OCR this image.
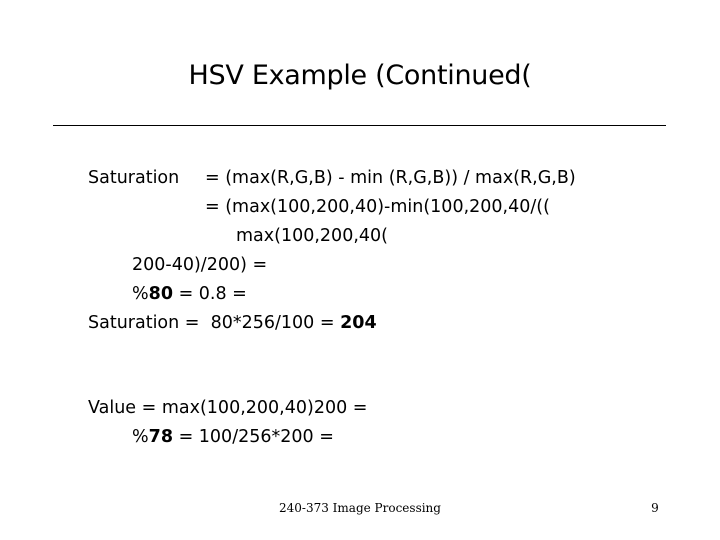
HSV Example (Continued(
Saturation = (max(R,G,B) - min (R,G,B)) / max(R,G,B)
= (max(100,200,40)-min(100,200,40/((
max(100,200,40(
200-40)/200) =
%80 = 0.8 =
Saturation =  80*256/100 = 204
Value = max(100,200,40)200 =
%78 = 100/256*200 =
240-373 Image Processing	9
